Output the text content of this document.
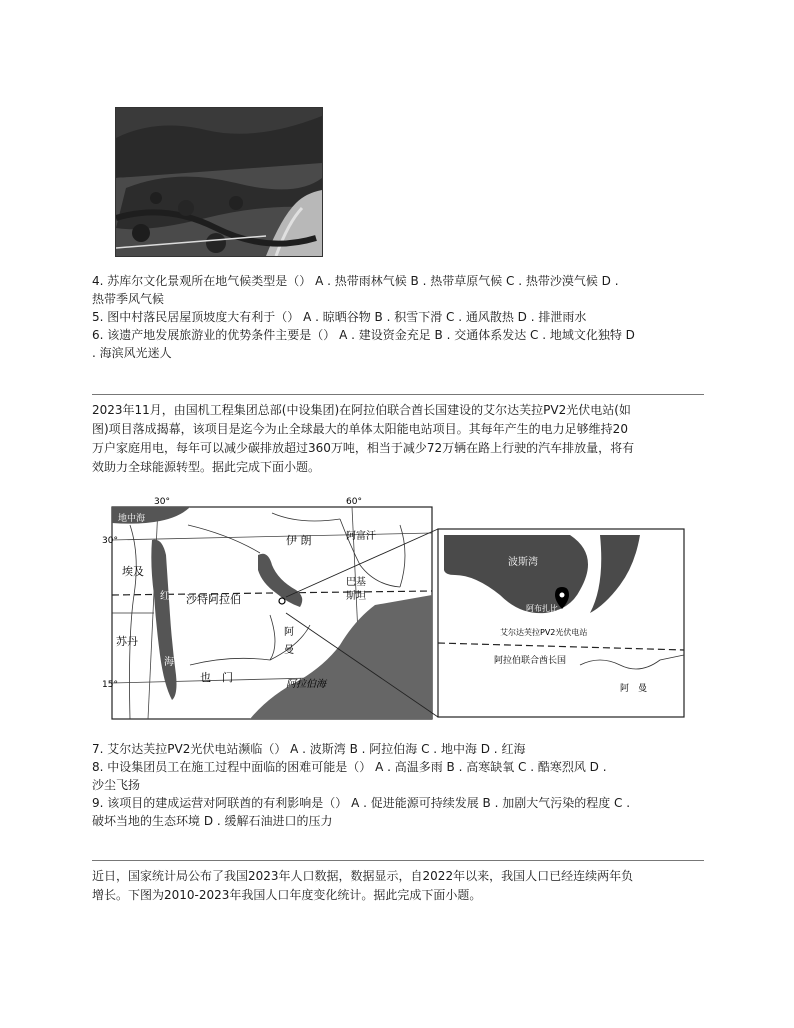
4. 苏库尔文化景观所在地气候类型是（） A . 热带雨林气候 B . 热带草原气候 C . 热带沙漠气候 D .
热带季风气候
5. 图中村落民居屋顶坡度大有利于（） A . 晾晒谷物 B . 积雪下滑 C . 通风散热 D . 排泄雨水
6. 该遗产地发展旅游业的优势条件主要是（） A . 建设资金充足 B . 交通体系发达 C . 地域文化独特 D
. 海滨风光迷人
2023年11月，由国机工程集团总部(中设集团)在阿拉伯联合酋长国建设的艾尔达芙拉PV2光伏电站(如
图)项目落成揭幕，该项目是迄今为止全球最大的单体太阳能电站项目。其每年产生的电力足够维持20
万户家庭用电，每年可以减少碳排放超过360万吨，相当于减少72万辆在路上行驶的汽车排放量，将有
效助力全球能源转型。据此完成下面小题。
30°	60°
30°
15°
地中海
埃及
伊 朗	阿富汗
巴基
斯坦
沙特阿拉伯
苏丹
红
海
阿
曼
也　门
阿拉伯海
波斯湾
阿布扎比
艾尔达芙拉PV2光伏电站
阿拉伯联合酋长国
阿　曼
7. 艾尔达芙拉PV2光伏电站濒临（） A . 波斯湾 B . 阿拉伯海 C . 地中海 D . 红海
8. 中设集团员工在施工过程中面临的困难可能是（） A . 高温多雨 B . 高寒缺氧 C . 酷寒烈风 D .
沙尘飞扬
9. 该项目的建成运营对阿联酋的有利影响是（） A . 促进能源可持续发展 B . 加剧大气污染的程度 C .
破坏当地的生态环境 D . 缓解石油进口的压力
近日，国家统计局公布了我国2023年人口数据，数据显示，自2022年以来，我国人口已经连续两年负
增长。下图为2010-2023年我国人口年度变化统计。据此完成下面小题。
